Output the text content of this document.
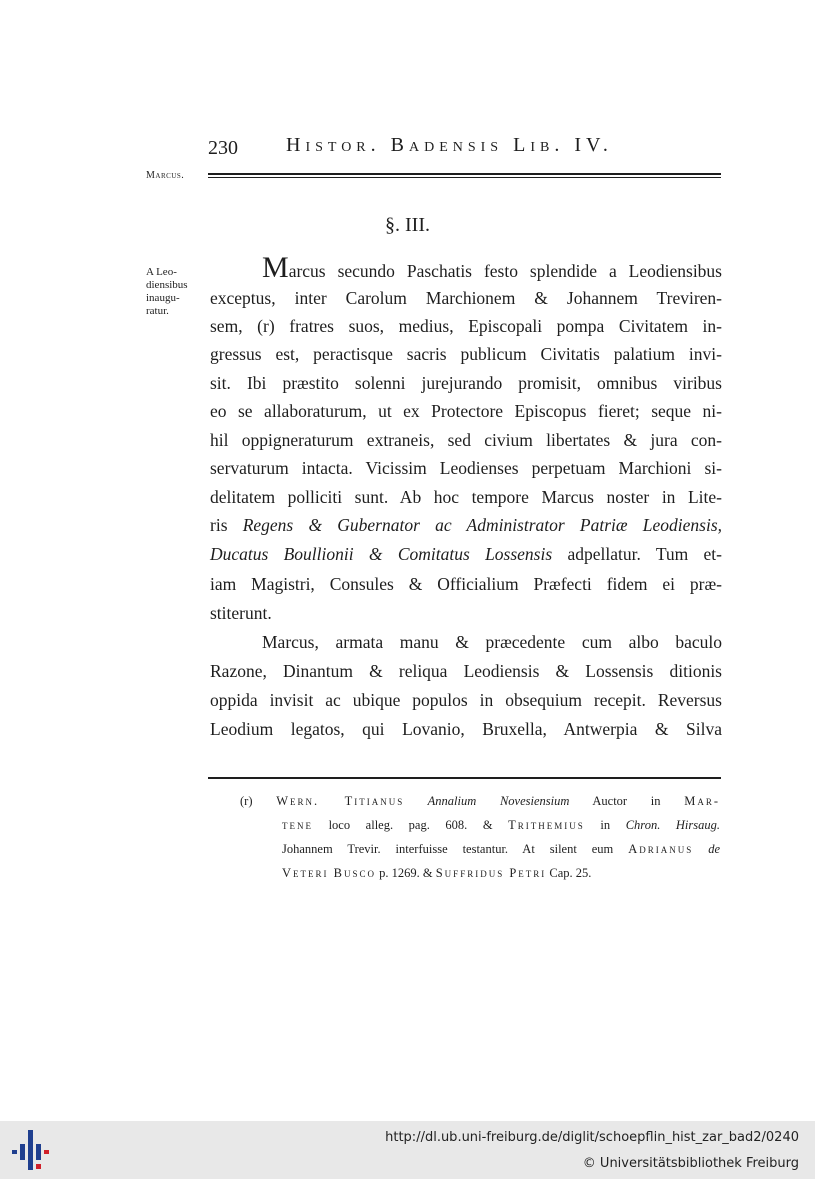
230 Histor. Badensis Lib. IV.
Marcus.
§. III.
A Leo-
diensibus
inaugu-
ratur.
Marcus secundo Paschatis festo splendide a Leodiensibus
exceptus, inter Carolum Marchionem & Johannem Treviren-
sem, (r) fratres suos, medius, Episcopali pompa Civitatem in-
gressus est, peractisque sacris publicum Civitatis palatium invi-
sit. Ibi præstito solenni jurejurando promisit, omnibus viribus
eo se allaboraturum, ut ex Protectore Episcopus fieret; seque ni-
hil oppigneraturum extraneis, sed civium libertates & jura con-
servaturum intacta. Vicissim Leodienses perpetuam Marchioni si-
delitatem polliciti sunt. Ab hoc tempore Marcus noster in Lite-
ris Regens & Gubernator ac Administrator Patriæ Leodiensis,
Ducatus Boullionii & Comitatus Lossensis adpellatur. Tum et-
iam Magistri, Consules & Officialium Præfecti fidem ei præ-
stiterunt.
Marcus, armata manu & præcedente cum albo baculo
Razone, Dinantum & reliqua Leodiensis & Lossensis ditionis
oppida invisit ac ubique populos in obsequium recepit. Reversus
Leodium legatos, qui Lovanio, Bruxella, Antwerpia & Silva
(r) Wern. Titianus Annalium Novesiensium Auctor in Mar-
tene loco alleg. pag. 608. & Trithemius in Chron. Hirsaug.
Johannem Trevir. interfuisse testantur. At silent eum Adrianus de
Veteri Busco p. 1269. & Suffridus Petri Cap. 25.
http://dl.ub.uni-freiburg.de/diglit/schoepflin_hist_zar_bad2/0240
© Universitätsbibliothek Freiburg
